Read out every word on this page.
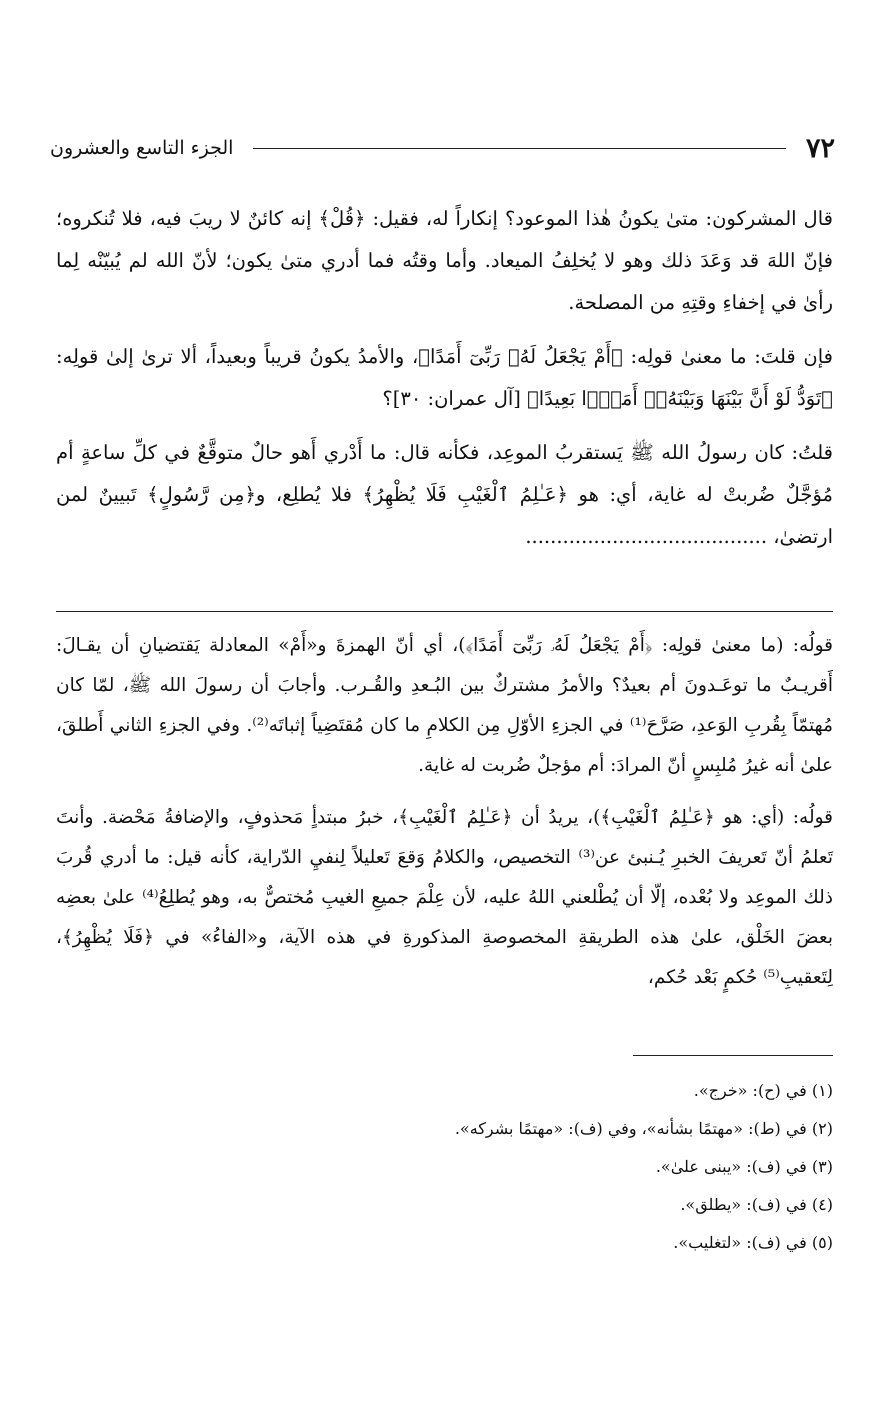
٧٢
الجزء التاسع والعشرون

قال المشركون: متىٰ يكونُ هٰذا الموعود؟ إنكاراً له، فقيل: ﴿قُلْ﴾ إنه كائنٌ لا ريبَ فيه، فلا تُنكروه؛ فإنّ اللهَ قد وَعَدَ ذلك وهو لا يُخلِفُ الميعاد. وأما وقتُه فما أدري متىٰ يكون؛ لأنّ الله لم يُبيّنْه لِما رأىٰ في إخفاءِ وقتِهِ من المصلحة.

فإن قلتَ: ما معنىٰ قولِه: ﴿أَمْ يَجْعَلُ لَهُۥ رَبِّىٓ أَمَدًا﴾، والأمدُ يكونُ قريباً وبعيداً، ألا ترىٰ إلىٰ قولِه: ﴿تَوَدُّ لَوْ أَنَّ بَيْنَهَا وَبَيْنَهُۥٓ أَمَدًۢا بَعِيدًا﴾ [آل عمران: ٣٠]؟

قلتُ: كان رسولُ الله ﷺ يَستقربُ الموعِد، فكأنه قال: ما أَدْري أَهو حالٌ متوقَّعٌ في كلِّ ساعةٍ أم مُؤجَّلٌ ضُربتْ له غاية، أي: هو ﴿عَـٰلِمُ ٱلْغَيْبِ فَلَا يُظْهِرُ﴾ فلا يُطلِع، و﴿مِن رَّسُولٍ﴾ تَبيينٌ لمن ارتضىٰ، .......................................

قولُه: (ما معنىٰ قولِه: ﴿أَمْ يَجْعَلُ لَهُۥ رَبِّىٓ أَمَدًا﴾)، أي أنّ الهمزةَ و«أَمْ» المعادلة يَقتضيانِ أن يقـالَ: أَقريـبٌ ما توعَـدونَ أم بعيدٌ؟ والأمرُ مشتركٌ بين البُـعدِ والقُـرب. وأجابَ أن رسولَ الله ﷺ، لمّا كان مُهتمّاً بِقُربِ الوَعدِ، صَرَّحَ⁽¹⁾ في الجزءِ الأوّلِ مِن الكلامِ ما كان مُقتَضِياً إثباتَه⁽²⁾. وفي الجزءِ الثاني أَطلقَ، علىٰ أنه غيرُ مُلبِسٍ أنّ المرادَ: أم مؤجلٌ ضُربت له غاية.

قولُه: (أي: هو ﴿عَـٰلِمُ ٱلْغَيْبِ﴾)، يريدُ أن ﴿عَـٰلِمُ ٱلْغَيْبِ﴾، خبرُ مبتدأٍ مَحذوفٍ، والإضافةُ مَحْضة. وأنتَ تَعلمُ أنّ تَعريفَ الخبرِ يُـنبئ عن⁽³⁾ التخصيص، والكلامُ وَقعَ تَعليلاً لِنفيِ الدّراية، كأنه قيل: ما أدري قُربَ ذلك الموعِد ولا بُعْده، إلّا أن يُطْلعني اللهُ عليه، لأن عِلْمَ جميعِ الغيبِ مُختصٌّ به، وهو يُطلِعُ⁽⁴⁾ علىٰ بعضِه بعضَ الخَلْق، علىٰ هذه الطريقةِ المخصوصةِ المذكورةِ في هذه الآية، و«الفاءُ» في ﴿فَلَا يُظْهِرُ﴾، لِتَعقيبِ⁽⁵⁾ حُكمٍ بَعْد حُكم،

(١) في (ح): «خرج».

(٢) في (ط): «مهتمًا بشأنه»، وفي (ف): «مهتمًا بشركه».

(٣) في (ف): «يبنى علىٰ».

(٤) في (ف): «يطلق».

(٥) في (ف): «لتغليب».
